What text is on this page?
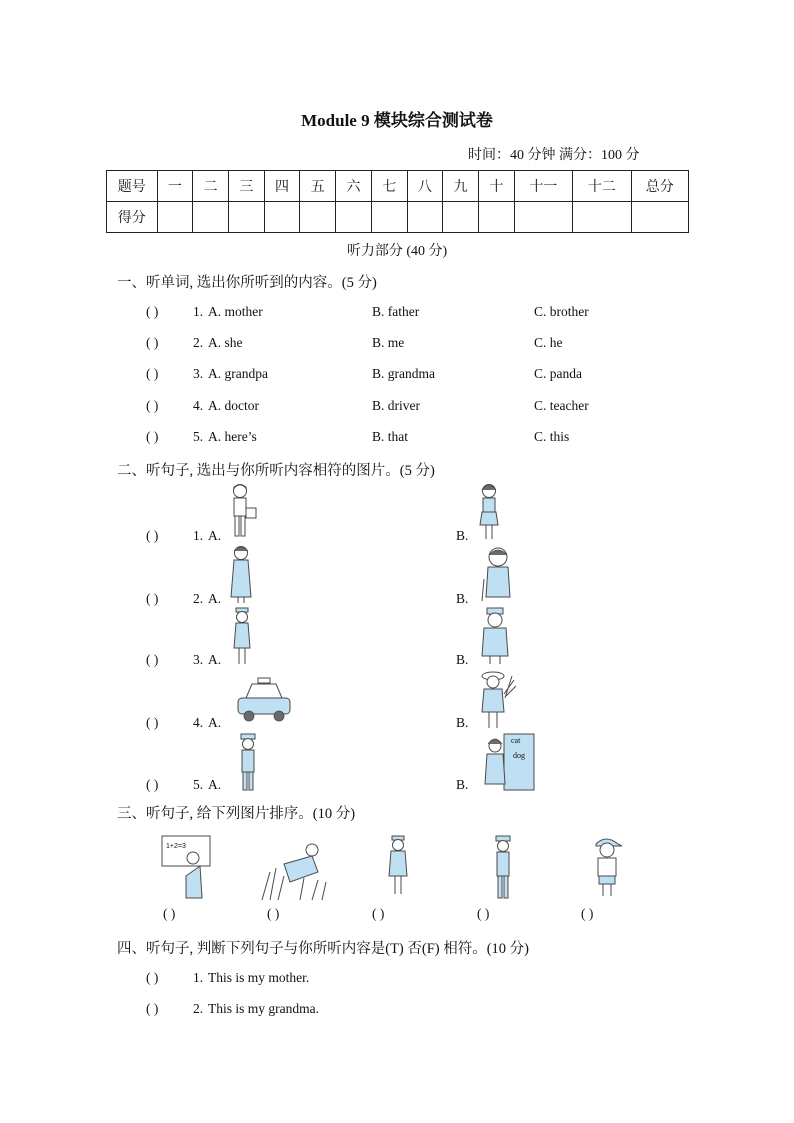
Module 9 模块综合测试卷
时间：40 分钟 满分：100 分
题号	一	二	三	四	五	六	七	八	九	十	十一	十二	总分
得分													
听力部分 (40 分)
一、听单词, 选出你所听到的内容。(5 分)
( )	1. A. mother	B. father	C. brother
( )	2. A. she	B. me	C. he
( )	3. A. grandpa	B. grandma	C. panda
( )	4. A. doctor	B. driver	C. teacher
( )	5. A. here’s	B. that	C. this
二、听句子, 选出与你所听内容相符的图片。(5 分)
( )	1. A.	B.
( )	2. A.	B.
( )	3. A.	B.
( )	4. A.	B.
( )	5. A.	B.
cat
dog
三、听句子, 给下列图片排序。(10 分)
1+2=3
( )	( )	( )	( )	( )
四、听句子, 判断下列句子与你所听内容是(T) 否(F) 相符。(10 分)
( )	1. This is my mother.
( )	2. This is my grandma.
